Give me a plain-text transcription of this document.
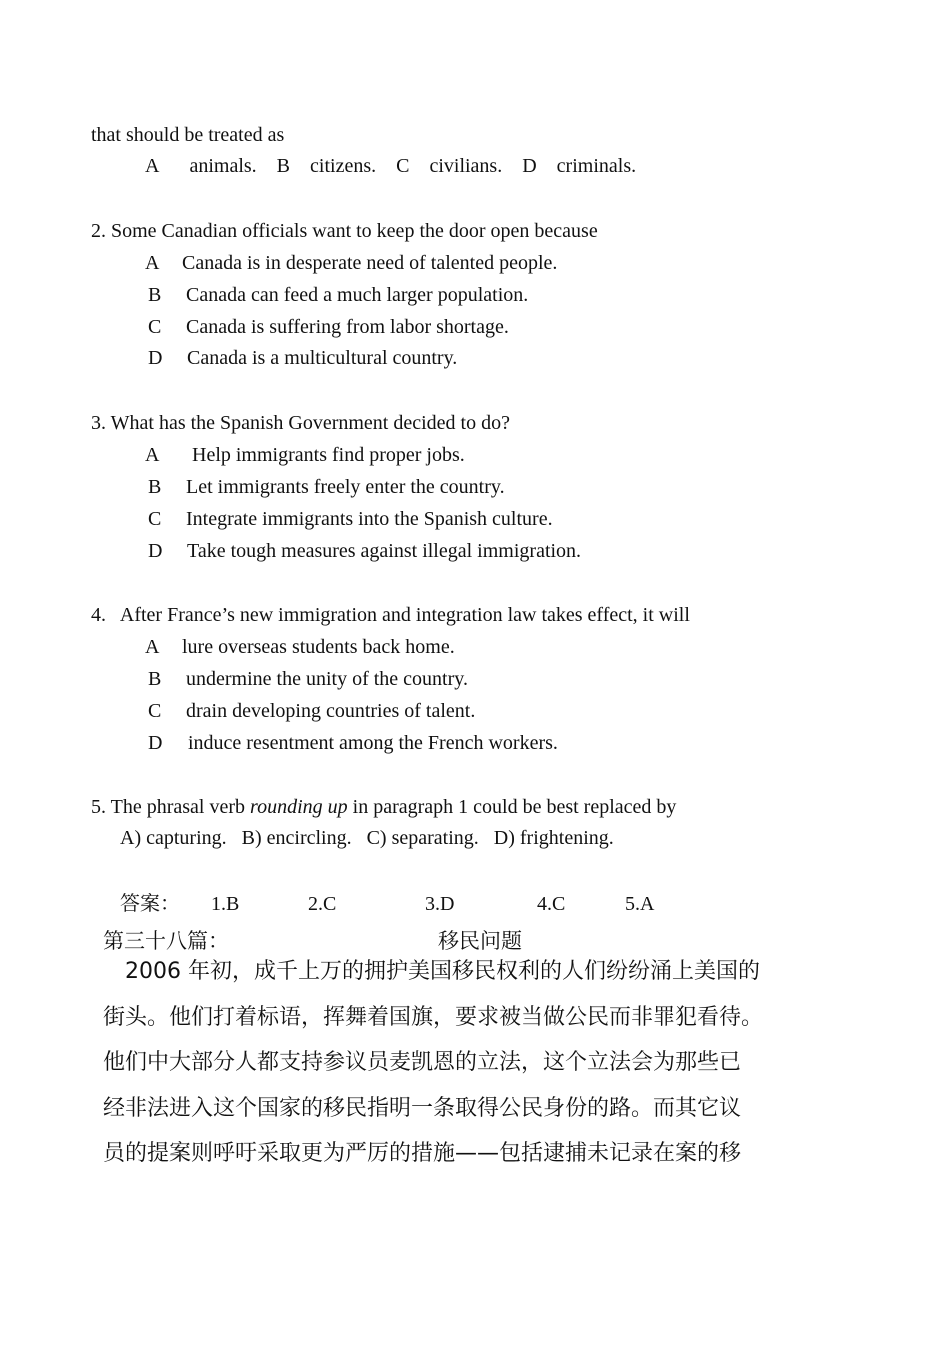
that should be treated as
A animals. B citizens. C civilians. D criminals.
2. Some Canadian officials want to keep the door open because
A Canada is in desperate need of talented people.
B Canada can feed a much larger population.
C Canada is suffering from labor shortage.
D Canada is a multicultural country.
3. What has the Spanish Government decided to do?
A Help immigrants find proper jobs.
B Let immigrants freely enter the country.
C Integrate immigrants into the Spanish culture.
D Take tough measures against illegal immigration.
4.   After France’s new immigration and integration law takes effect, it will
A lure overseas students back home.
B undermine the unity of the country.
C drain developing countries of talent.
D induce resentment among the French workers.
5. The phrasal verb rounding up in paragraph 1 could be best replaced by
A) capturing.   B) encircling.   C) separating.   D) frightening.
答案： 1.B	2.C	3.D	4.C	5.A
第三十八篇：	移民问题
　2006 年初，成千上万的拥护美国移民权利的人们纷纷涌上美国的
街头。他们打着标语，挥舞着国旗，要求被当做公民而非罪犯看待。
他们中大部分人都支持参议员麦凯恩的立法，这个立法会为那些已
经非法进入这个国家的移民指明一条取得公民身份的路。而其它议
员的提案则呼吁采取更为严厉的措施——包括逮捕未记录在案的移
